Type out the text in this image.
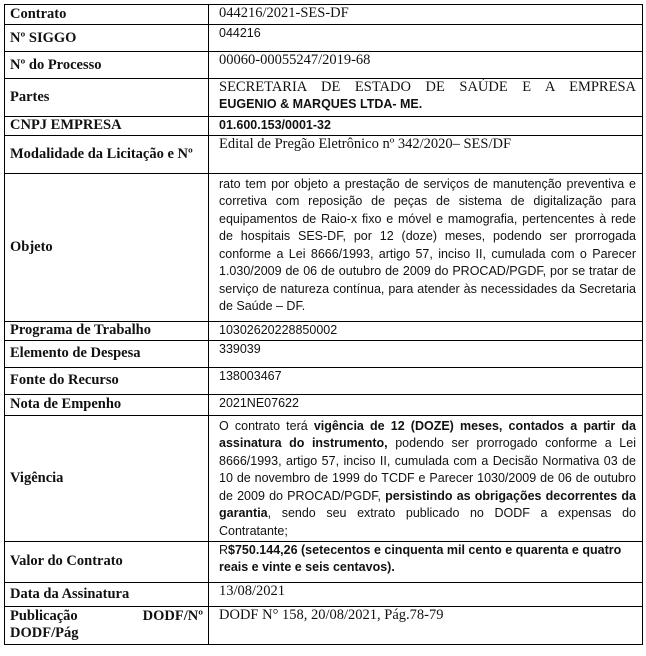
Contrato	044216/2021-SES-DF
Nº SIGGO	044216
Nº do Processo	00060-00055247/2019-68
Partes	SECRETARIA DE ESTADO DE SAÚDE E A EMPRESA
EUGENIO & MARQUES LTDA- ME.

CNPJ EMPRESA	01.600.153/0001-32
Modalidade da Licitação e Nº	Edital de Pregão Eletrônico nº 342/2020– SES/DF
Objeto	rato tem por objeto a prestação de serviços de manutenção preventiva e corretiva com reposição de peças de sistema de digitalização para equipamentos de Raio-x fixo e móvel e mamografia, pertencentes à rede de hospitais SES-DF, por 12 (doze) meses, podendo ser prorrogada conforme a Lei 8666/1993, artigo 57, inciso II, cumulada com o Parecer 1.030/2009 de 06 de outubro de 2009 do PROCAD/PGDF, por se tratar de serviço de natureza contínua, para atender às necessidades da Secretaria de Saúde – DF.
Programa de Trabalho	10302620228850002
Elemento de Despesa	339039
Fonte do Recurso	138003467
Nota de Empenho	2021NE07622
Vigência	O contrato terá vigência de 12 (DOZE) meses, contados a partir da assinatura do instrumento, podendo ser prorrogado conforme a Lei 8666/1993, artigo 57, inciso II, cumulada com a Decisão Normativa 03 de 10 de novembro de 1999 do TCDF e Parecer 1030/2009 de 06 de outubro de 2009 do PROCAD/PGDF, persistindo as obrigações decorrentes da garantia, sendo seu extrato publicado no DODF a expensas do Contratante;
Valor do Contrato	R$750.144,26 (setecentos e cinquenta mil cento e quarenta e quatro reais e vinte e seis centavos).
Data da Assinatura	13/08/2021

Publicação DODF/Nº
DODF/Pág	DODF N° 158, 20/08/2021, Pág.78-79
